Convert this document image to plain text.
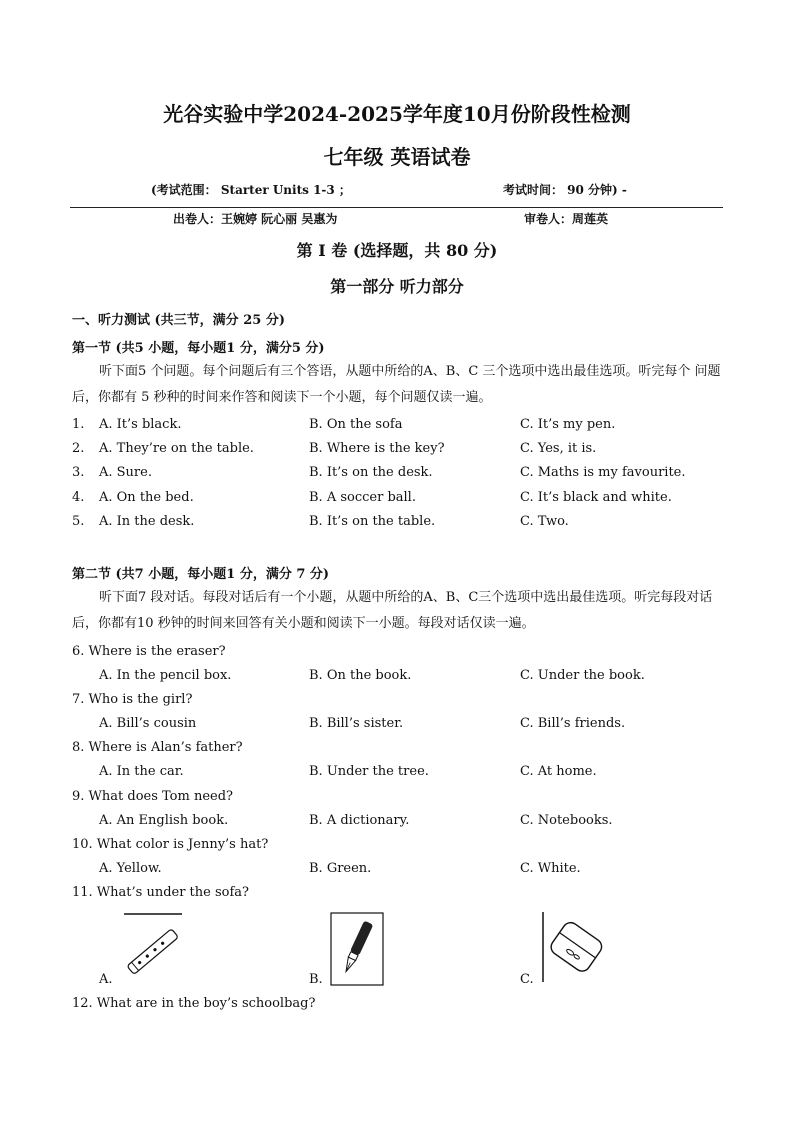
光谷实验中学2024-2025学年度10月份阶段性检测
七年级 英语试卷
(考试范围： Starter Units 1-3 ；	考试时间： 90 分钟) -
出卷人：王婉婷 阮心丽 吴惠为	审卷人：周莲英
第 I 卷 (选择题，共 80 分)
第一部分 听力部分
一、听力测试 (共三节，满分 25 分)
第一节 (共5 小题，每小题1 分，满分5 分)
听下面5 个问题。每个问题后有三个答语，从题中所给的A、B、C 三个选项中选出最佳选项。听完每个 问题后，你都有 5 秒种的时间来作答和阅读下一个小题，每个问题仅读一遍。
1. A. It’s black.	B. On the sofa	C. It’s my pen.
2. A. They’re on the table.	B. Where is the key?	C. Yes, it is.
3. A. Sure.	B. It’s on the desk.	C. Maths is my favourite.
4. A. On the bed.	B. A soccer ball.	C. It’s black and white.
5. A. In the desk.	B. It’s on the table.	C. Two.
第二节 (共7 小题，每小题1 分，满分 7 分)
听下面7 段对话。每段对话后有一个小题，从题中所给的A、B、C三个选项中选出最佳选项。听完每段对话后，你都有10 秒钟的时间来回答有关小题和阅读下一小题。每段对话仅读一遍。
6. Where is the eraser?
A. In the pencil box.	B. On the book.	C. Under the book.
7. Who is the girl?
A. Bill’s cousin	B. Bill’s sister.	C. Bill’s friends.
8. Where is Alan’s father?
A. In the car.	B. Under the tree.	C. At home.
9. What does Tom need?
A. An English book.	B. A dictionary.	C. Notebooks.
10. What color is Jenny’s hat?
A. Yellow.	B. Green.	C. White.
11. What’s under the sofa?
A.	B.	C.
12. What are in the boy’s schoolbag?
